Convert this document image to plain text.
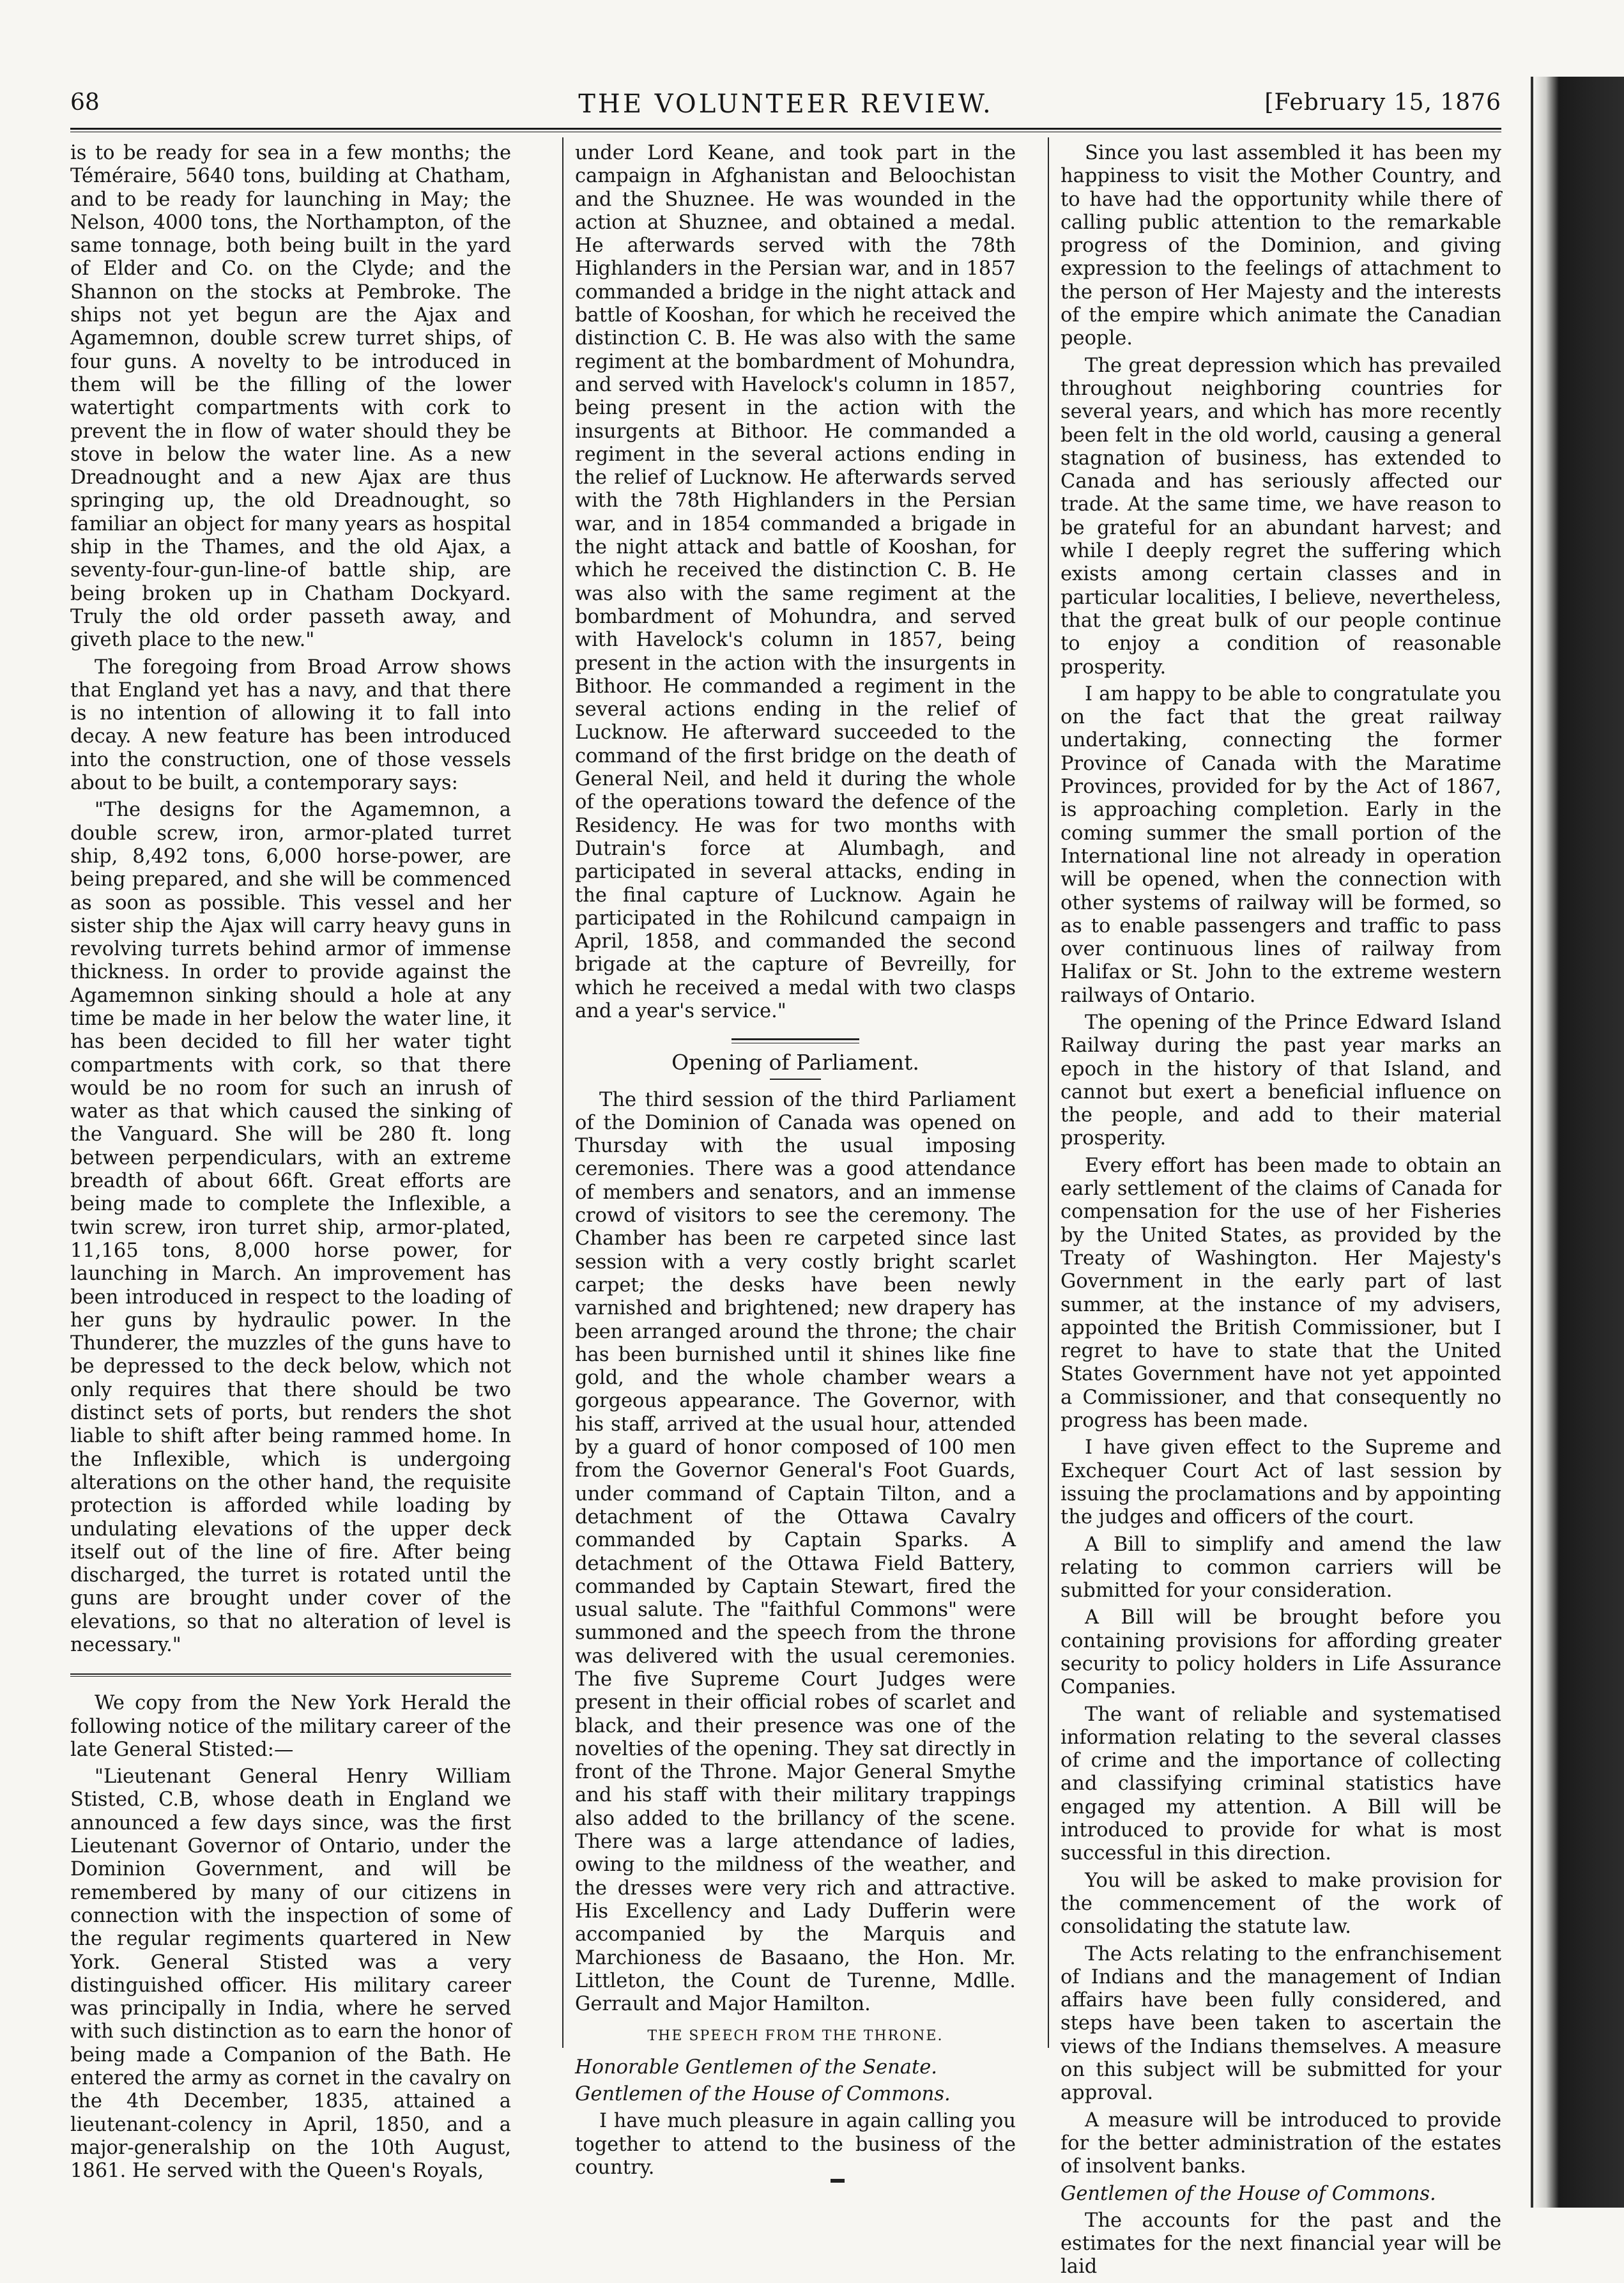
68	THE VOLUNTEER REVIEW.	[February 15, 1876

is to be ready for sea in a few months; the Téméraire, 5640 tons, building at Chatham, and to be ready for launching in May; the Nelson, 4000 tons, the Northampton, of the same tonnage, both being built in the yard of Elder and Co. on the Clyde; and the Shannon on the stocks at Pembroke. The ships not yet begun are the Ajax and Agamemnon, double screw turret ships, of four guns. A novelty to be introduced in them will be the filling of the lower watertight compartments with cork to prevent the in flow of water should they be stove in below the water line. As a new Dreadnought and a new Ajax are thus springing up, the old Dreadnought, so familiar an object for many years as hospital ship in the Thames, and the old Ajax, a seventy-four-gun-line-of battle ship, are being broken up in Chatham Dockyard. Truly the old order passeth away, and giveth place to the new."

The foregoing from Broad Arrow shows that England yet has a navy, and that there is no intention of allowing it to fall into decay. A new feature has been introduced into the construction, one of those vessels about to be built, a contemporary says:

"The designs for the Agamemnon, a double screw, iron, armor-plated turret ship, 8,492 tons, 6,000 horse-power, are being prepared, and she will be commenced as soon as possible. This vessel and her sister ship the Ajax will carry heavy guns in revolving turrets behind armor of immense thickness. In order to provide against the Agamemnon sinking should a hole at any time be made in her below the water line, it has been decided to fill her water tight compartments with cork, so that there would be no room for such an inrush of water as that which caused the sinking of the Vanguard. She will be 280 ft. long between perpendiculars, with an extreme breadth of about 66ft. Great efforts are being made to complete the Inflexible, a twin screw, iron turret ship, armor-plated, 11,165 tons, 8,000 horse power, for launching in March. An improvement has been introduced in respect to the loading of her guns by hydraulic power. In the Thunderer, the muzzles of the guns have to be depressed to the deck below, which not only requires that there should be two distinct sets of ports, but renders the shot liable to shift after being rammed home. In the Inflexible, which is undergoing alterations on the other hand, the requisite protection is afforded while loading by undulating elevations of the upper deck itself out of the line of fire. After being discharged, the turret is rotated until the guns are brought under cover of the elevations, so that no alteration of level is necessary."

We copy from the New York Herald the following notice of the military career of the late General Stisted:—

"Lieutenant General Henry William Stisted, C.B, whose death in England we announced a few days since, was the first Lieutenant Governor of Ontario, under the Dominion Government, and will be remembered by many of our citizens in connection with the inspection of some of the regular regiments quartered in New York. General Stisted was a very distinguished officer. His military career was principally in India, where he served with such distinction as to earn the honor of being made a Companion of the Bath. He entered the army as cornet in the cavalry on the 4th December, 1835, attained a lieutenant-colency in April, 1850, and a major-generalship on the 10th August, 1861. He served with the Queen's Royals,

under Lord Keane, and took part in the campaign in Afghanistan and Beloochistan and the Shuznee. He was wounded in the action at Shuznee, and obtained a medal. He afterwards served with the 78th Highlanders in the Persian war, and in 1857 commanded a bridge in the night attack and battle of Kooshan, for which he received the distinction C. B. He was also with the same regiment at the bombardment of Mohundra, and served with Havelock's column in 1857, being present in the action with the insurgents at Bithoor. He commanded a regiment in the several actions ending in the relief of Lucknow. He afterwards served with the 78th Highlanders in the Persian war, and in 1854 commanded a brigade in the night attack and battle of Kooshan, for which he received the distinction C. B. He was also with the same regiment at the bombardment of Mohundra, and served with Havelock's column in 1857, being present in the action with the insurgents in Bithoor. He commanded a regiment in the several actions ending in the relief of Lucknow. He afterward succeeded to the command of the first bridge on the death of General Neil, and held it during the whole of the operations toward the defence of the Residency. He was for two months with Dutrain's force at Alumbagh, and participated in several attacks, ending in the final capture of Lucknow. Again he participated in the Rohilcund campaign in April, 1858, and commanded the second brigade at the capture of Bevreilly, for which he received a medal with two clasps and a year's service."

Opening of Parliament.

The third session of the third Parliament of the Dominion of Canada was opened on Thursday with the usual imposing ceremonies. There was a good attendance of members and senators, and an immense crowd of visitors to see the ceremony. The Chamber has been re carpeted since last session with a very costly bright scarlet carpet; the desks have been newly varnished and brightened; new drapery has been arranged around the throne; the chair has been burnished until it shines like fine gold, and the whole chamber wears a gorgeous appearance. The Governor, with his staff, arrived at the usual hour, attended by a guard of honor composed of 100 men from the Governor General's Foot Guards, under command of Captain Tilton, and a detachment of the Ottawa Cavalry commanded by Captain Sparks. A detachment of the Ottawa Field Battery, commanded by Captain Stewart, fired the usual salute. The "faithful Commons" were summoned and the speech from the throne was delivered with the usual ceremonies. The five Supreme Court Judges were present in their official robes of scarlet and black, and their presence was one of the novelties of the opening. They sat directly in front of the Throne. Major General Smythe and his staff with their military trappings also added to the brillancy of the scene. There was a large attendance of ladies, owing to the mildness of the weather, and the dresses were very rich and attractive. His Excellency and Lady Dufferin were accompanied by the Marquis and Marchioness de Basaano, the Hon. Mr. Littleton, the Count de Turenne, Mdlle. Gerrault and Major Hamilton.

THE SPEECH FROM THE THRONE.

Honorable Gentlemen of the Senate.

Gentlemen of the House of Commons.

I have much pleasure in again calling you together to attend to the business of the country.

Since you last assembled it has been my happiness to visit the Mother Country, and to have had the opportunity while there of calling public attention to the remarkable progress of the Dominion, and giving expression to the feelings of attachment to the person of Her Majesty and the interests of the empire which animate the Canadian people.

The great depression which has prevailed throughout neighboring countries for several years, and which has more recently been felt in the old world, causing a general stagnation of business, has extended to Canada and has seriously affected our trade. At the same time, we have reason to be grateful for an abundant harvest; and while I deeply regret the suffering which exists among certain classes and in particular localities, I believe, nevertheless, that the great bulk of our people continue to enjoy a condition of reasonable prosperity.

I am happy to be able to congratulate you on the fact that the great railway undertaking, connecting the former Province of Canada with the Maratime Provinces, provided for by the Act of 1867, is approaching completion. Early in the coming summer the small portion of the International line not already in operation will be opened, when the connection with other systems of railway will be formed, so as to enable passengers and traffic to pass over continuous lines of railway from Halifax or St. John to the extreme western railways of Ontario.

The opening of the Prince Edward Island Railway during the past year marks an epoch in the history of that Island, and cannot but exert a beneficial influence on the people, and add to their material prosperity.

Every effort has been made to obtain an early settlement of the claims of Canada for compensation for the use of her Fisheries by the United States, as provided by the Treaty of Washington. Her Majesty's Government in the early part of last summer, at the instance of my advisers, appointed the British Commissioner, but I regret to have to state that the United States Government have not yet appointed a Commissioner, and that consequently no progress has been made.

I have given effect to the Supreme and Exchequer Court Act of last session by issuing the proclamations and by appointing the judges and officers of the court.

A Bill to simplify and amend the law relating to common carriers will be submitted for your consideration.

A Bill will be brought before you containing provisions for affording greater security to policy holders in Life Assurance Companies.

The want of reliable and systematised information relating to the several classes of crime and the importance of collecting and classifying criminal statistics have engaged my attention. A Bill will be introduced to provide for what is most successful in this direction.

You will be asked to make provision for the commencement of the work of consolidating the statute law.

The Acts relating to the enfranchisement of Indians and the management of Indian affairs have been fully considered, and steps have been taken to ascertain the views of the Indians themselves. A measure on this subject will be submitted for your approval.

A measure will be introduced to provide for the better administration of the estates of insolvent banks.

Gentlemen of the House of Commons.

The accounts for the past and the estimates for the next financial year will be laid
